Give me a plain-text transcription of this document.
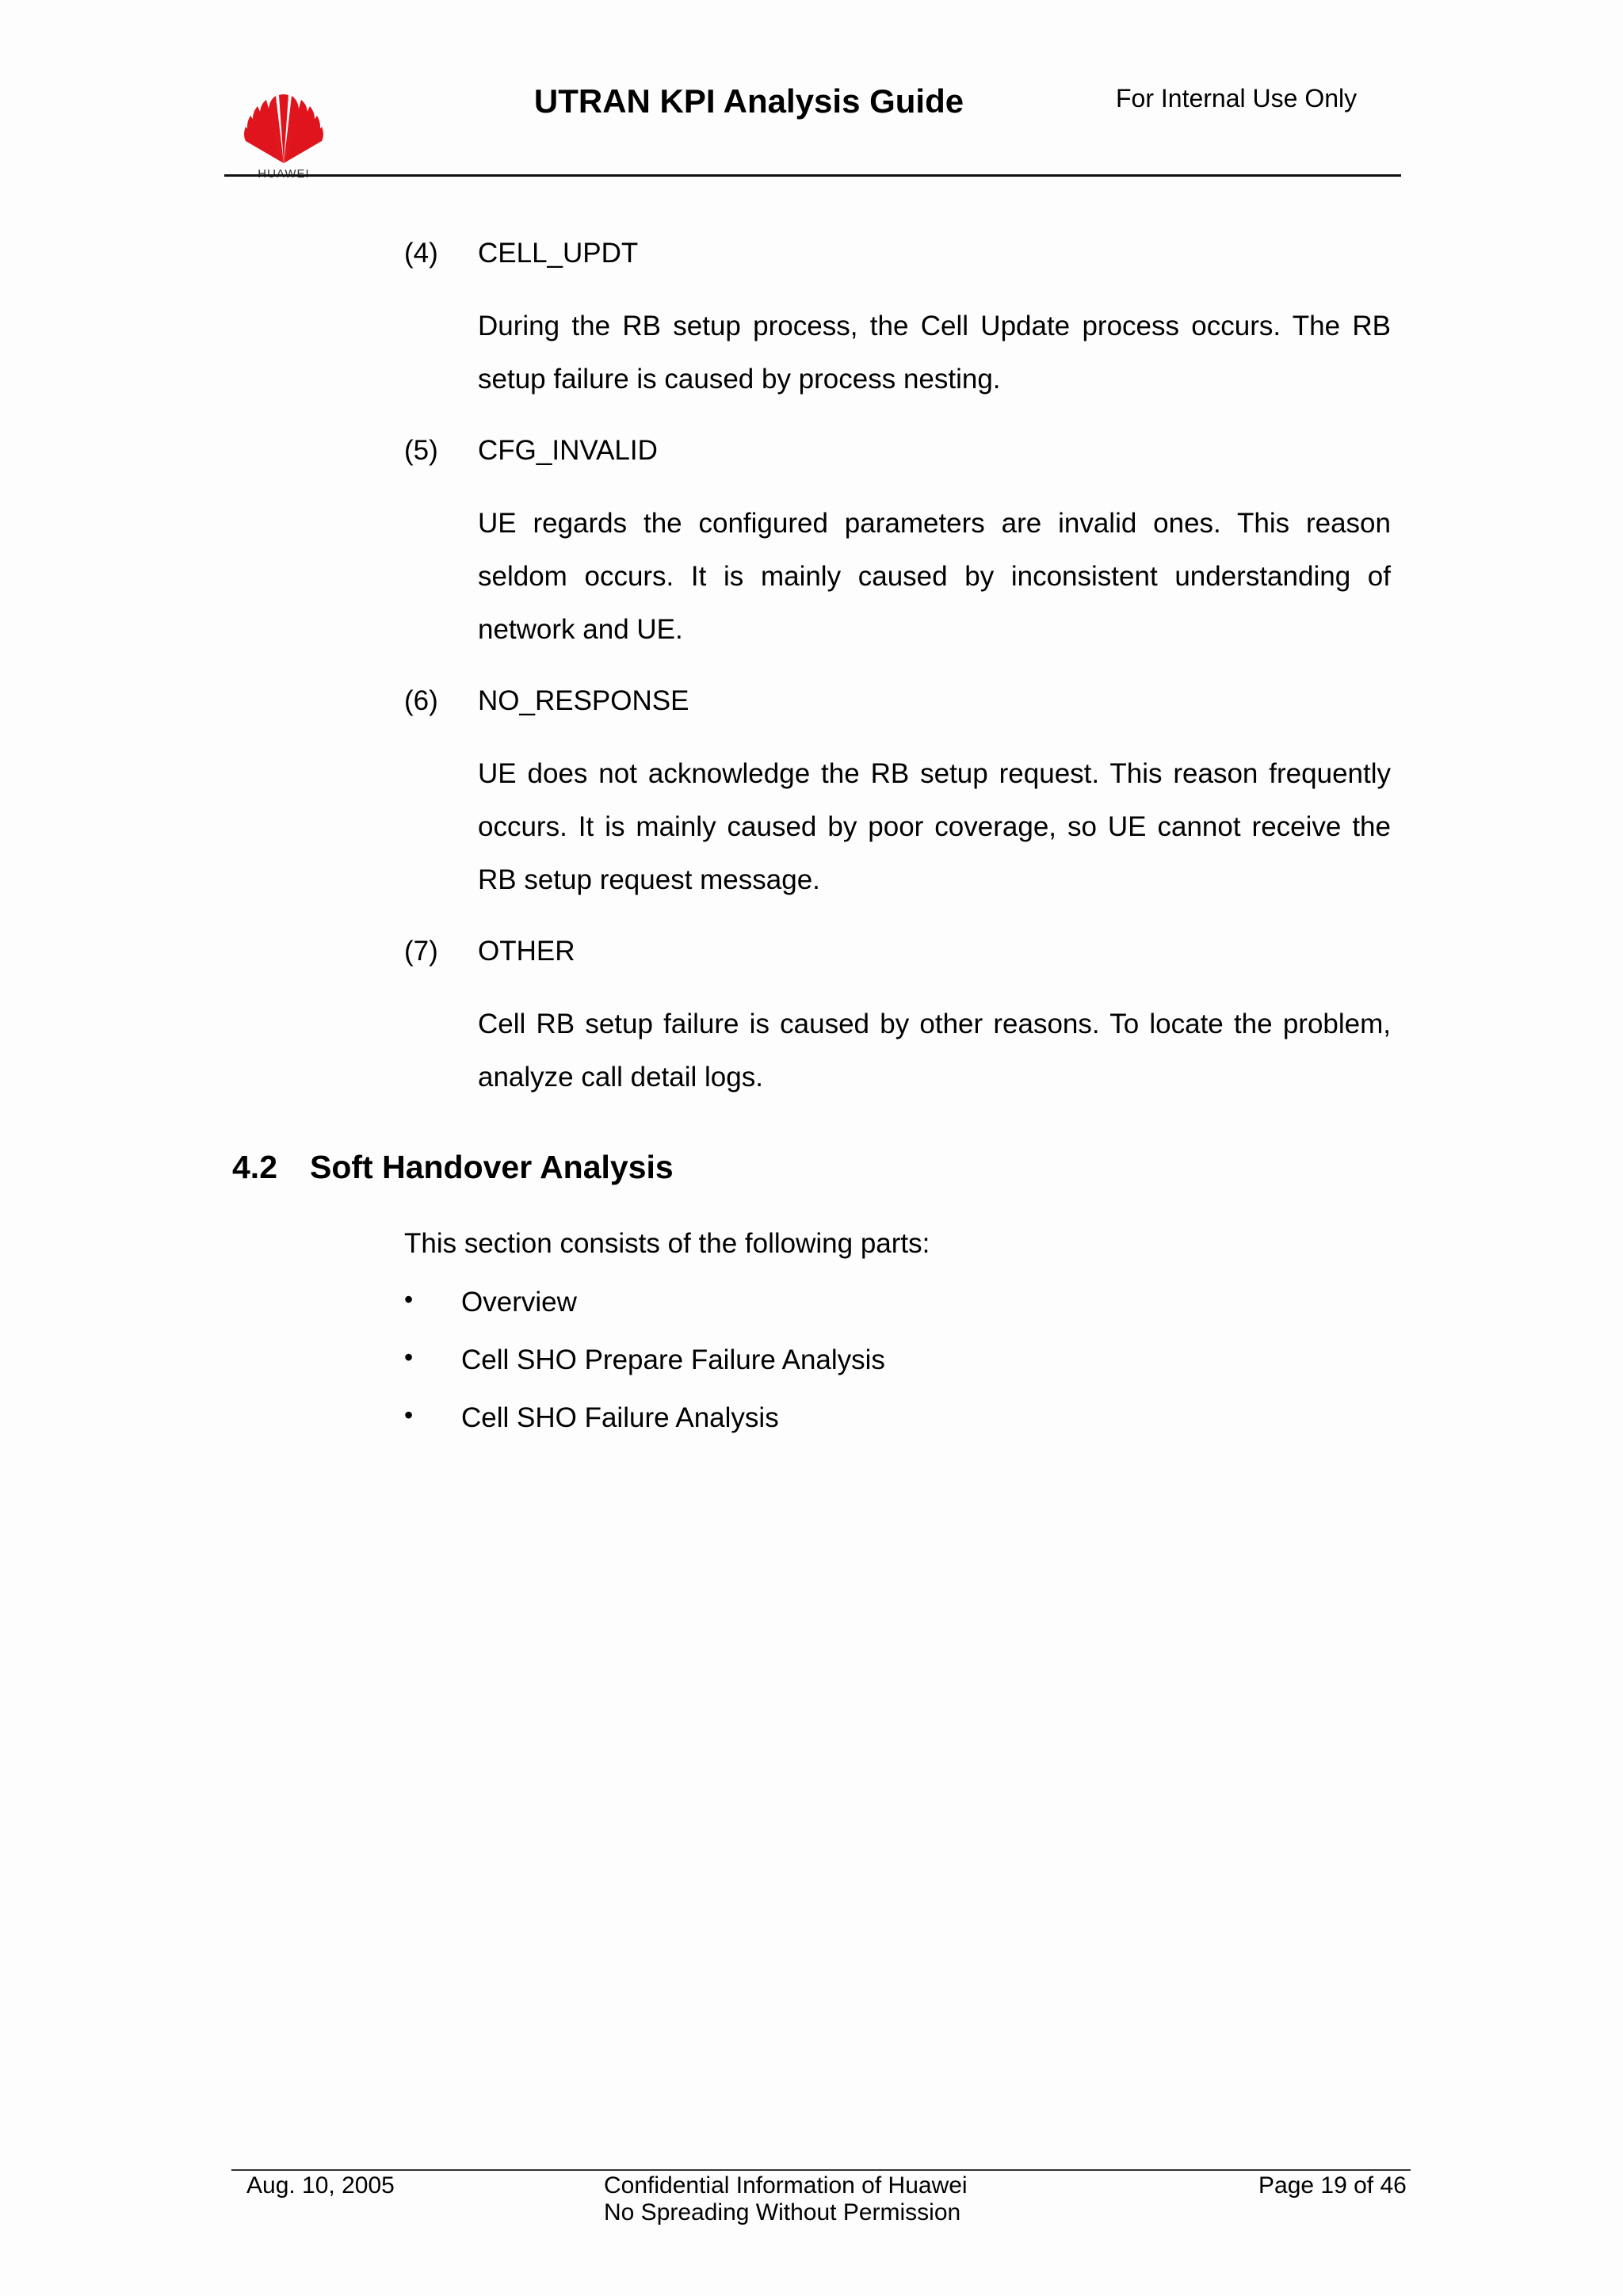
HUAWEI
UTRAN KPI Analysis Guide	For Internal Use Only
(4) CELL_UPDT
During the RB setup process, the Cell Update process occurs. The RB setup failure is caused by process nesting.
(5) CFG_INVALID
UE regards the configured parameters are invalid ones. This reason seldom occurs. It is mainly caused by inconsistent understanding of network and UE.
(6) NO_RESPONSE
UE does not acknowledge the RB setup request. This reason frequently occurs. It is mainly caused by poor coverage, so UE cannot receive the RB setup request message.
(7) OTHER
Cell RB setup failure is caused by other reasons. To locate the problem, analyze call detail logs.
4.2 Soft Handover Analysis
This section consists of the following parts:
• Overview
• Cell SHO Prepare Failure Analysis
• Cell SHO Failure Analysis
Aug. 10, 2005	Confidential Information of Huawei
No Spreading Without Permission
Page 19 of 46
